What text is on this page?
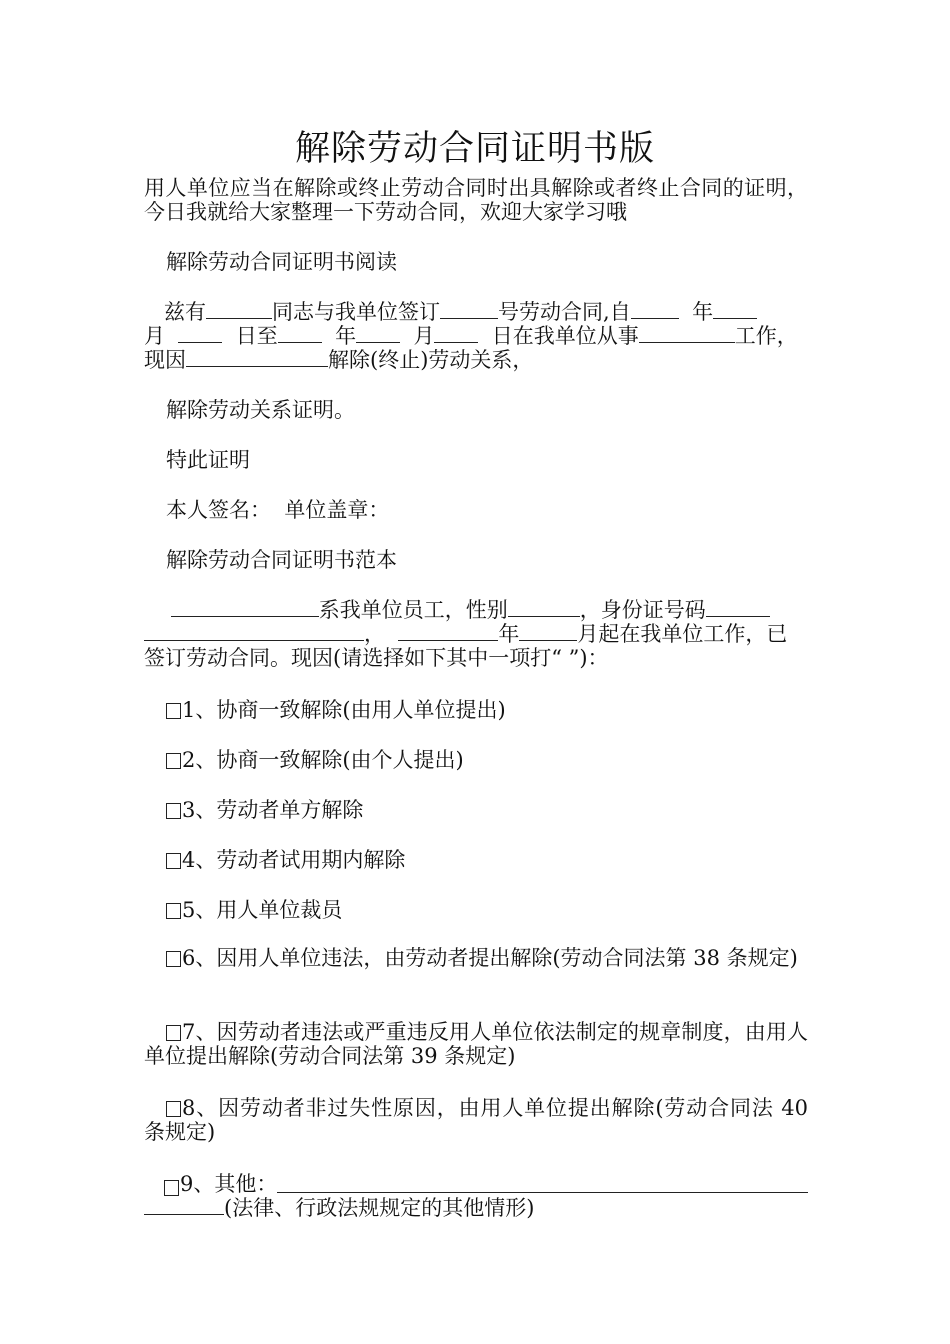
解除劳动合同证明书版
用人单位应当在解除或终止劳动合同时出具解除或者终止合同的证明，今日我就给大家整理一下劳动合同，欢迎大家学习哦
解除劳动合同证明书阅读
兹有	同志与我单位签订	号劳动合同,自	年
月	日至	年	月	日在我单位从事	工作，
现因	解除(终止)劳动关系，
解除劳动关系证明。
特此证明
本人签名：  单位盖章：
解除劳动合同证明书范本
系我单位员工，性别	，身份证号码
，	年	月起在我单位工作，已
签订劳动合同。现因(请选择如下其中一项打“ ”)：
1、协商一致解除(由用人单位提出)
2、协商一致解除(由个人提出)
3、劳动者单方解除
4、劳动者试用期内解除
5、用人单位裁员
6、因用人单位违法，由劳动者提出解除(劳动合同法第 38 条规定)
7、因劳动者违法或严重违反用人单位依法制定的规章制度，由用人单位提出解除(劳动合同法第 39 条规定)
8、因劳动者非过失性原因，由用人单位提出解除(劳动合同法 40 条规定)

9、其他：
(法律、行政法规规定的其他情形)
